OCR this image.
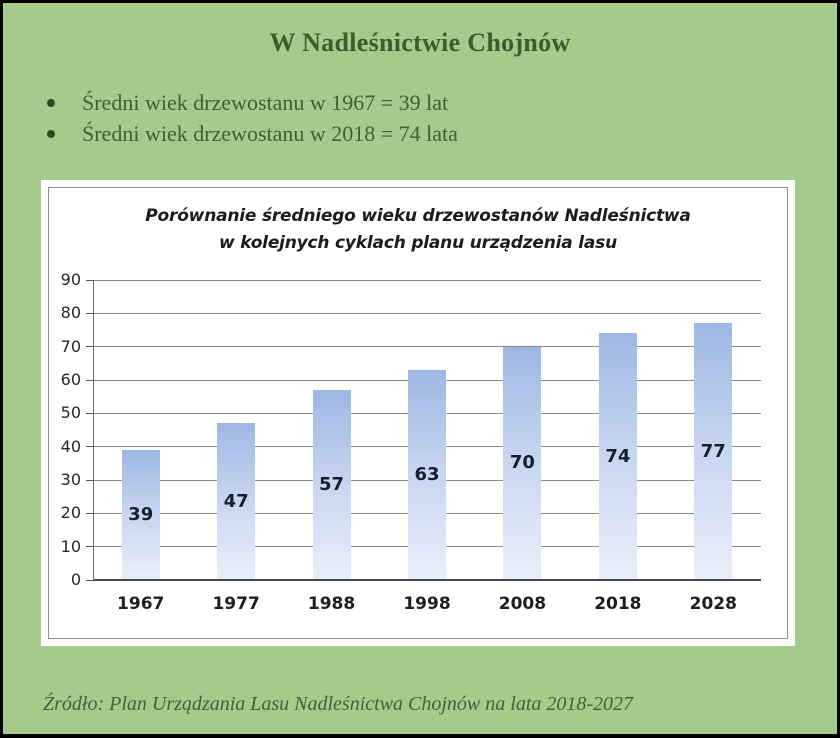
W Nadleśnictwie Chojnów
Średni wiek drzewostanu w 1967 = 39 lat
Średni wiek drzewostanu w 2018 = 74 lata
Porównanie średniego wieku drzewostanów Nadleśnictwa
w kolejnych cyklach planu urządzenia lasu
0
10
20
30
40
50
60
70
80
90
39
1967
47
1977
57
1988
63
1998
70
2008
74
2018
77
2028
Źródło: Plan Urządzania Lasu Nadleśnictwa Chojnów na lata 2018-2027
